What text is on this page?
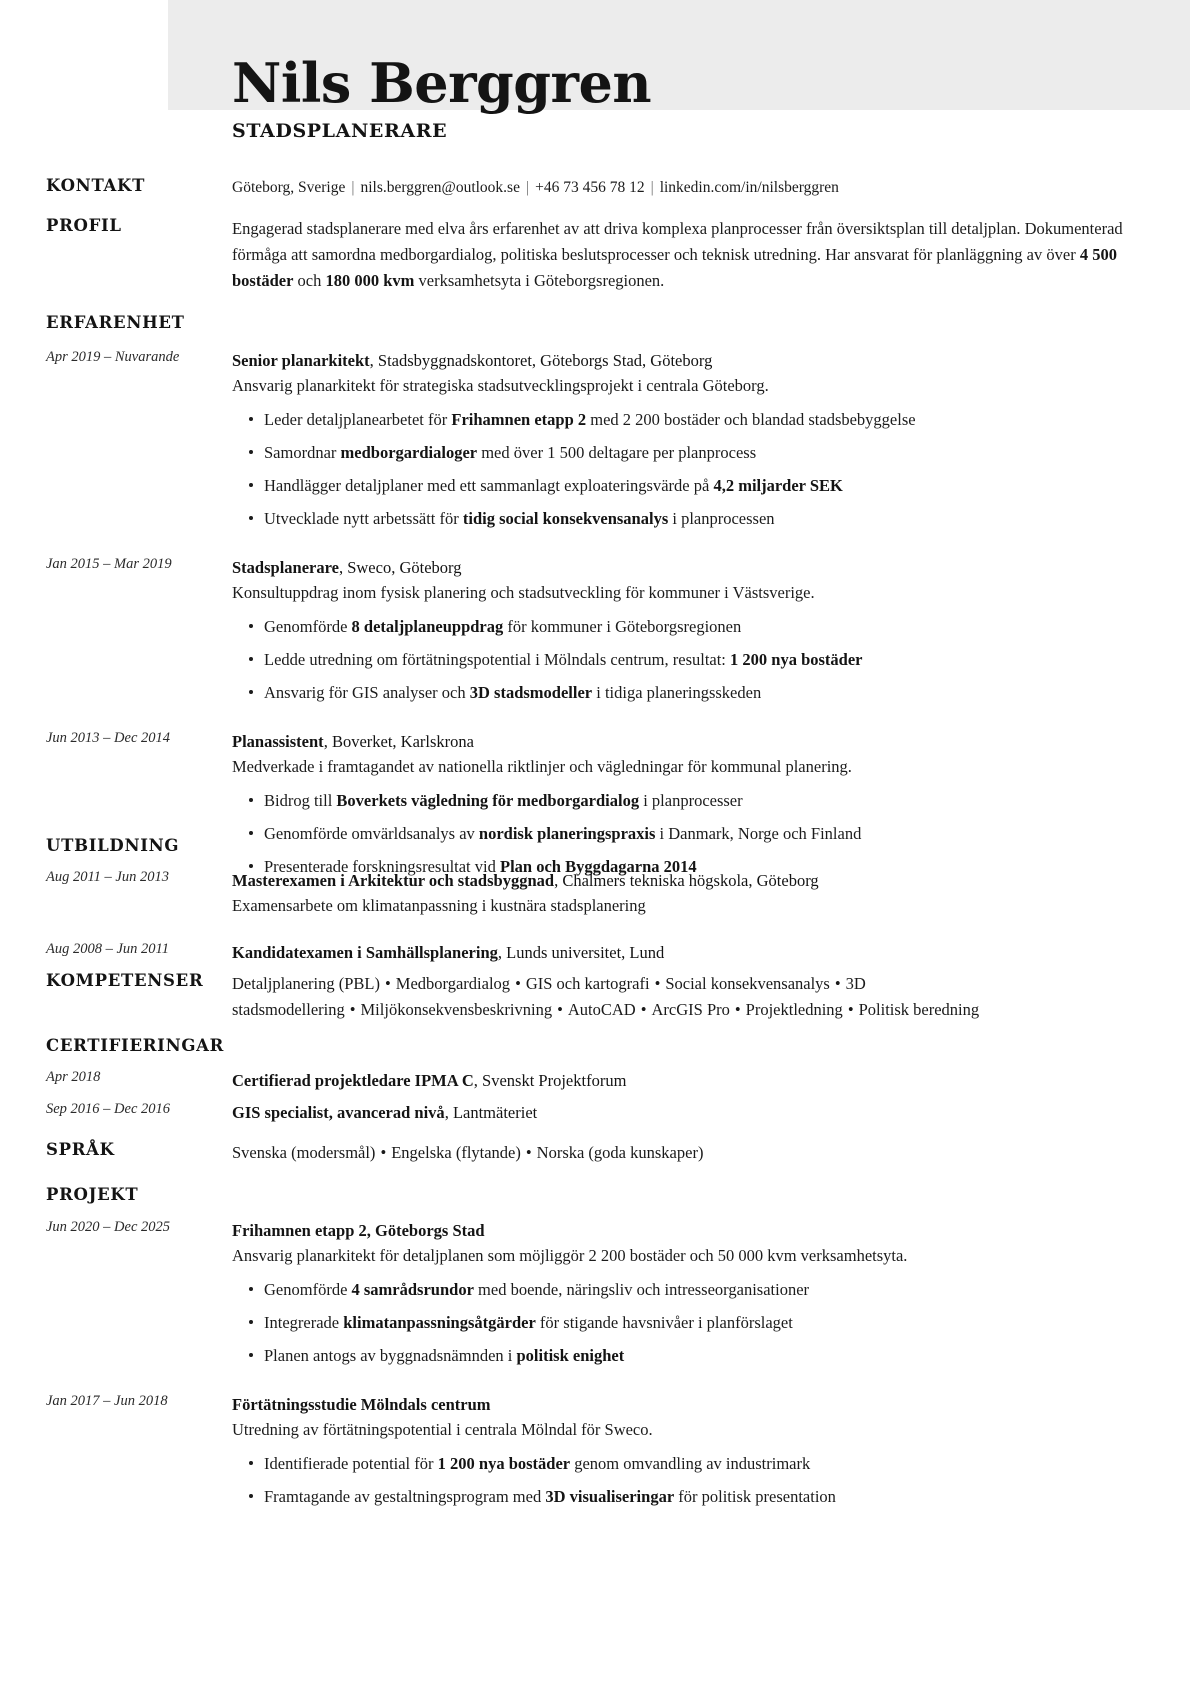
Nils Berggren
STADSPLANERARE
KONTAKT	Göteborg, Sverige | nils.berggren@outlook.se | +46 73 456 78 12 | linkedin.com/in/nilsberggren
PROFIL	Engagerad stadsplanerare med elva års erfarenhet av att driva komplexa planprocesser från översiktsplan till detaljplan. Dokumenterad förmåga att samordna medborgardialog, politiska beslutsprocesser och teknisk utredning. Har ansvarat för planläggning av över 4 500 bostäder och 180 000 kvm verksamhetsyta i Göteborgsregionen.
ERFARENHET
Apr 2019 – Nuvarande	Senior planarkitekt, Stadsbyggnadskontoret, Göteborgs Stad, Göteborg
Ansvarig planarkitekt för strategiska stadsutvecklingsprojekt i centrala Göteborg.
Leder detaljplanearbetet för Frihamnen etapp 2 med 2 200 bostäder och blandad stadsbebyggelse
Samordnar medborgardialoger med över 1 500 deltagare per planprocess
Handlägger detaljplaner med ett sammanlagt exploateringsvärde på 4,2 miljarder SEK
Utvecklade nytt arbetssätt för tidig social konsekvensanalys i planprocessen
Jan 2015 – Mar 2019	Stadsplanerare, Sweco, Göteborg
Konsultuppdrag inom fysisk planering och stadsutveckling för kommuner i Västsverige.
Genomförde 8 detaljplaneuppdrag för kommuner i Göteborgsregionen
Ledde utredning om förtätningspotential i Mölndals centrum, resultat: 1 200 nya bostäder
Ansvarig för GIS analyser och 3D stadsmodeller i tidiga planeringsskeden
Jun 2013 – Dec 2014	Planassistent, Boverket, Karlskrona
Medverkade i framtagandet av nationella riktlinjer och vägledningar för kommunal planering.
Bidrog till Boverkets vägledning för medborgardialog i planprocesser
Genomförde omvärldsanalys av nordisk planeringspraxis i Danmark, Norge och Finland
Presenterade forskningsresultat vid Plan och Byggdagarna 2014
UTBILDNING
Aug 2011 – Jun 2013	Masterexamen i Arkitektur och stadsbyggnad, Chalmers tekniska högskola, Göteborg
Examensarbete om klimatanpassning i kustnära stadsplanering
Aug 2008 – Jun 2011	Kandidatexamen i Samhällsplanering, Lunds universitet, Lund
KOMPETENSER	Detaljplanering (PBL) • Medborgardialog • GIS och kartografi • Social konsekvensanalys • 3D stadsmodellering • Miljökonsekvensbeskrivning • AutoCAD • ArcGIS Pro • Projektledning • Politisk beredning
CERTIFIERINGAR
Apr 2018	Certifierad projektledare IPMA C, Svenskt Projektforum
Sep 2016 – Dec 2016	GIS specialist, avancerad nivå, Lantmäteriet
SPRÅK	Svenska (modersmål) • Engelska (flytande) • Norska (goda kunskaper)
PROJEKT
Jun 2020 – Dec 2025	Frihamnen etapp 2, Göteborgs Stad
Ansvarig planarkitekt för detaljplanen som möjliggör 2 200 bostäder och 50 000 kvm verksamhetsyta.
Genomförde 4 samrådsrundor med boende, näringsliv och intresseorganisationer
Integrerade klimatanpassningsåtgärder för stigande havsnivåer i planförslaget
Planen antogs av byggnadsnämnden i politisk enighet
Jan 2017 – Jun 2018	Förtätningsstudie Mölndals centrum
Utredning av förtätningspotential i centrala Mölndal för Sweco.
Identifierade potential för 1 200 nya bostäder genom omvandling av industrimark
Framtagande av gestaltningsprogram med 3D visualiseringar för politisk presentation
